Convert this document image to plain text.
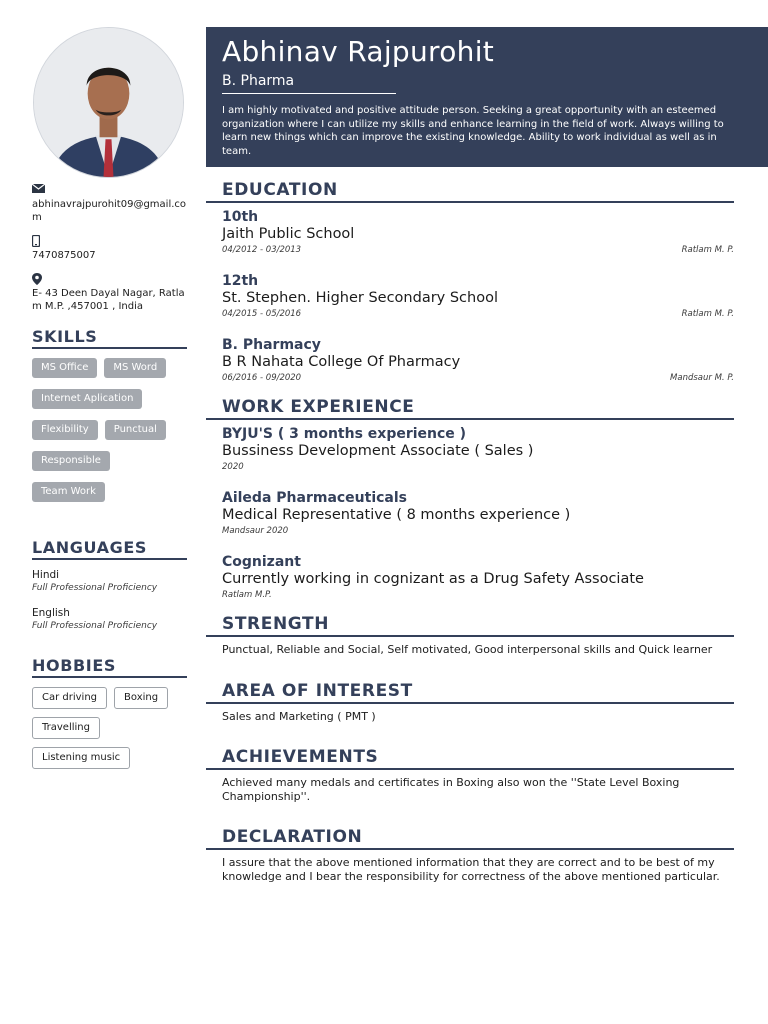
Abhinav Rajpurohit
B. Pharma
I am highly motivated and positive attitude person. Seeking a great opportunity with an esteemed organization where I can utilize my skills and enhance learning in the field of work. Always willing to learn new things which can improve the existing knowledge. Ability to work individual as well as in team.
abhinavrajpurohit09@gmail.com
7470875007
E- 43 Deen Dayal Nagar, Ratlam M.P. ,457001 , India
SKILLS
MS Office	MS Word
Internet Aplication
Flexibility	Punctual
Responsible
Team Work
LANGUAGES
Hindi
Full Professional Proficiency
English
Full Professional Proficiency
HOBBIES
Car driving	Boxing
Travelling
Listening music
EDUCATION
10th
Jaith Public School
04/2012 - 03/2013	Ratlam M. P.
12th
St. Stephen. Higher Secondary School
04/2015 - 05/2016	Ratlam M. P.
B. Pharmacy
B R Nahata College Of Pharmacy
06/2016 - 09/2020	Mandsaur M. P.
WORK EXPERIENCE
BYJU'S ( 3 months experience )
Bussiness Development Associate ( Sales )
2020
Aileda Pharmaceuticals
Medical Representative ( 8 months experience )
Mandsaur 2020
Cognizant
Currently working in cognizant as a Drug Safety Associate
Ratlam M.P.
STRENGTH
Punctual, Reliable and Social, Self motivated, Good interpersonal skills and Quick learner
AREA OF INTEREST
Sales and Marketing ( PMT )
ACHIEVEMENTS
Achieved many medals and certificates in Boxing also won the ''State Level Boxing Championship''.
DECLARATION
I assure that the above mentioned information that they are correct and to be best of my knowledge and I bear the responsibility for correctness of the above mentioned particular.
